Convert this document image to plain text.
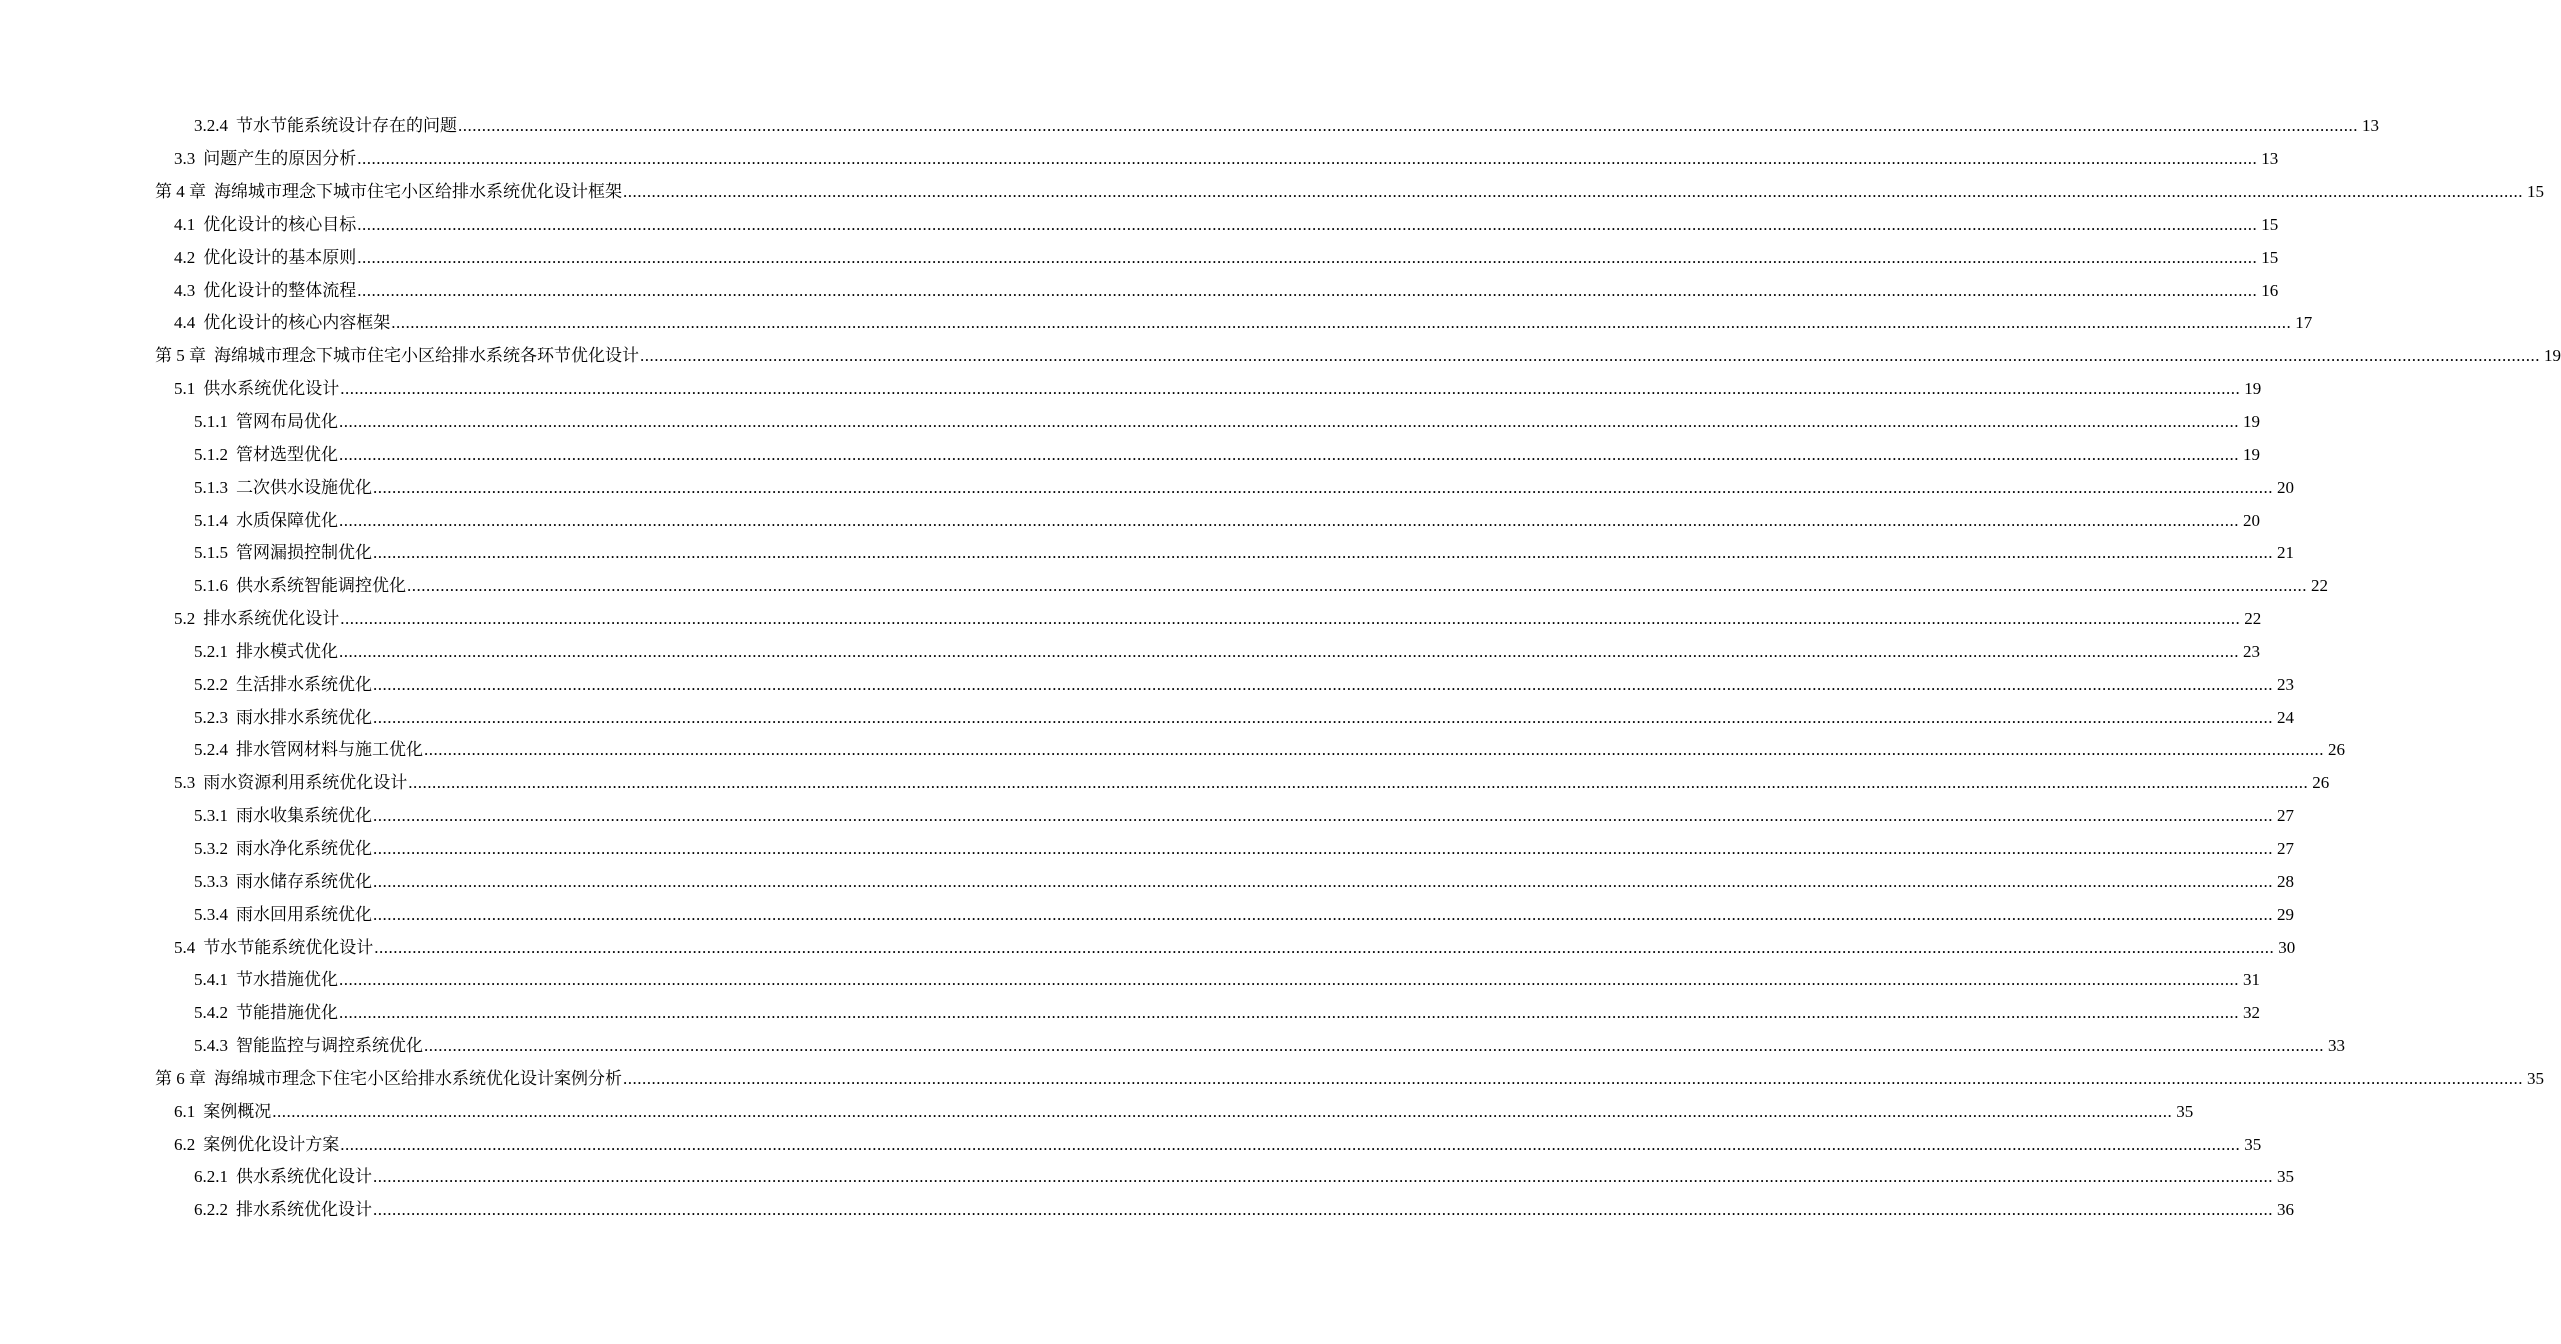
3.2.4 节水节能系统设计存在的问题 ................................................................................................................................................................................................................................................................................................................................................................................................................ 13
3.3 问题产生的原因分析 ................................................................................................................................................................................................................................................................................................................................................................................................................ 13
第 4 章 海绵城市理念下城市住宅小区给排水系统优化设计框架 ................................................................................................................................................................................................................................................................................................................................................................................................................ 15
4.1 优化设计的核心目标 ................................................................................................................................................................................................................................................................................................................................................................................................................ 15
4.2 优化设计的基本原则 ................................................................................................................................................................................................................................................................................................................................................................................................................ 15
4.3 优化设计的整体流程 ................................................................................................................................................................................................................................................................................................................................................................................................................ 16
4.4 优化设计的核心内容框架 ................................................................................................................................................................................................................................................................................................................................................................................................................ 17
第 5 章 海绵城市理念下城市住宅小区给排水系统各环节优化设计 ................................................................................................................................................................................................................................................................................................................................................................................................................ 19
5.1 供水系统优化设计 ................................................................................................................................................................................................................................................................................................................................................................................................................ 19
5.1.1 管网布局优化 ................................................................................................................................................................................................................................................................................................................................................................................................................ 19
5.1.2 管材选型优化 ................................................................................................................................................................................................................................................................................................................................................................................................................ 19
5.1.3 二次供水设施优化 ................................................................................................................................................................................................................................................................................................................................................................................................................ 20
5.1.4 水质保障优化 ................................................................................................................................................................................................................................................................................................................................................................................................................ 20
5.1.5 管网漏损控制优化 ................................................................................................................................................................................................................................................................................................................................................................................................................ 21
5.1.6 供水系统智能调控优化 ................................................................................................................................................................................................................................................................................................................................................................................................................ 22
5.2 排水系统优化设计 ................................................................................................................................................................................................................................................................................................................................................................................................................ 22
5.2.1 排水模式优化 ................................................................................................................................................................................................................................................................................................................................................................................................................ 23
5.2.2 生活排水系统优化 ................................................................................................................................................................................................................................................................................................................................................................................................................ 23
5.2.3 雨水排水系统优化 ................................................................................................................................................................................................................................................................................................................................................................................................................ 24
5.2.4 排水管网材料与施工优化 ................................................................................................................................................................................................................................................................................................................................................................................................................ 26
5.3 雨水资源利用系统优化设计 ................................................................................................................................................................................................................................................................................................................................................................................................................ 26
5.3.1 雨水收集系统优化 ................................................................................................................................................................................................................................................................................................................................................................................................................ 27
5.3.2 雨水净化系统优化 ................................................................................................................................................................................................................................................................................................................................................................................................................ 27
5.3.3 雨水储存系统优化 ................................................................................................................................................................................................................................................................................................................................................................................................................ 28
5.3.4 雨水回用系统优化 ................................................................................................................................................................................................................................................................................................................................................................................................................ 29
5.4 节水节能系统优化设计 ................................................................................................................................................................................................................................................................................................................................................................................................................ 30
5.4.1 节水措施优化 ................................................................................................................................................................................................................................................................................................................................................................................................................ 31
5.4.2 节能措施优化 ................................................................................................................................................................................................................................................................................................................................................................................................................ 32
5.4.3 智能监控与调控系统优化 ................................................................................................................................................................................................................................................................................................................................................................................................................ 33
第 6 章 海绵城市理念下住宅小区给排水系统优化设计案例分析 ................................................................................................................................................................................................................................................................................................................................................................................................................ 35
6.1 案例概况 ................................................................................................................................................................................................................................................................................................................................................................................................................ 35
6.2 案例优化设计方案 ................................................................................................................................................................................................................................................................................................................................................................................................................ 35
6.2.1 供水系统优化设计 ................................................................................................................................................................................................................................................................................................................................................................................................................ 35
6.2.2 排水系统优化设计 ................................................................................................................................................................................................................................................................................................................................................................................................................ 36
